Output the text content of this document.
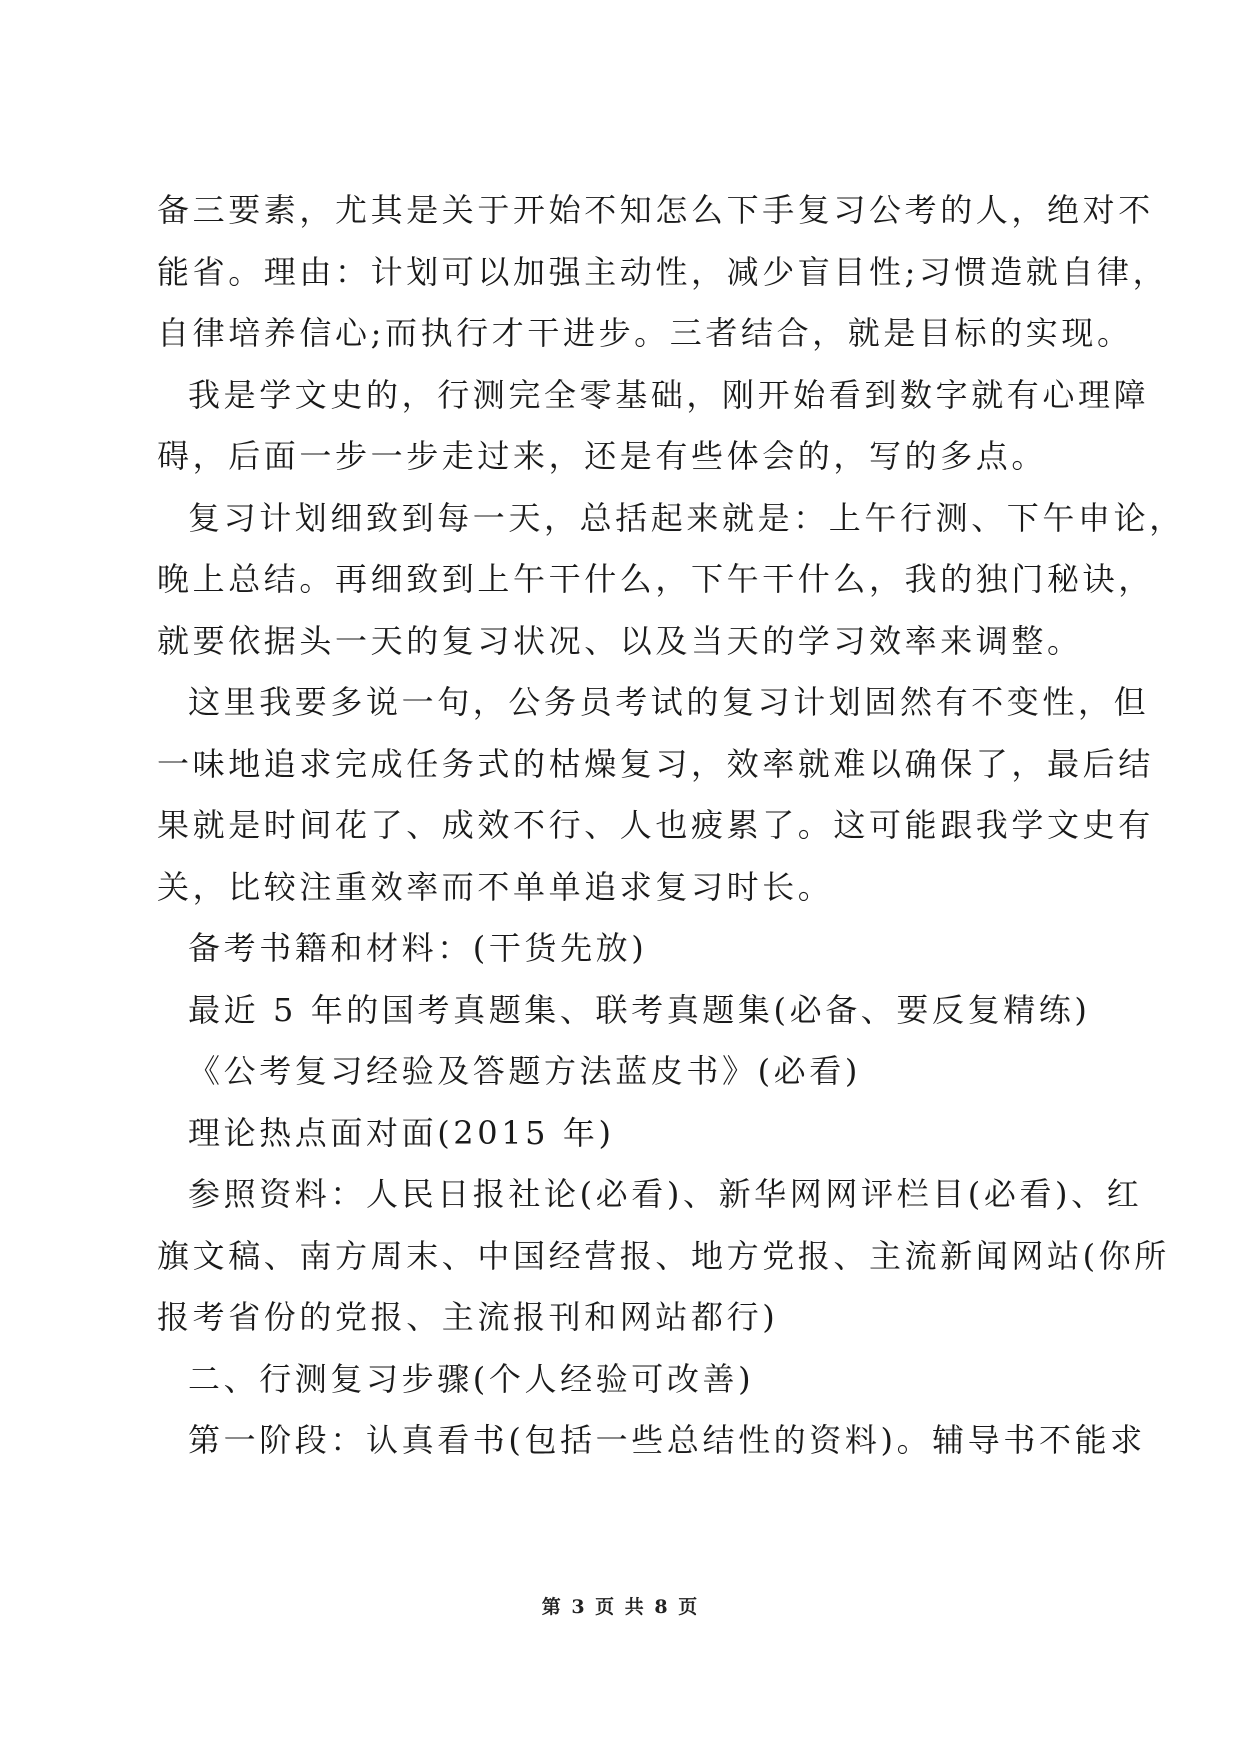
备三要素，尤其是关于开始不知怎么下手复习公考的人，绝对不
能省。理由：计划可以加强主动性，减少盲目性;习惯造就自律，
自律培养信心;而执行才干进步。三者结合，就是目标的实现。
我是学文史的，行测完全零基础，刚开始看到数字就有心理障
碍，后面一步一步走过来，还是有些体会的，写的多点。
复习计划细致到每一天，总括起来就是：上午行测、下午申论，
晚上总结。再细致到上午干什么，下午干什么，我的独门秘诀，
就要依据头一天的复习状况、以及当天的学习效率来调整。
这里我要多说一句，公务员考试的复习计划固然有不变性，但
一味地追求完成任务式的枯燥复习，效率就难以确保了，最后结
果就是时间花了、成效不行、人也疲累了。这可能跟我学文史有
关，比较注重效率而不单单追求复习时长。
备考书籍和材料：(干货先放)
最近 5 年的国考真题集、联考真题集(必备、要反复精练)
《公考复习经验及答题方法蓝皮书》(必看)
理论热点面对面(2015 年)
参照资料：人民日报社论(必看)、新华网网评栏目(必看)、红
旗文稿、南方周末、中国经营报、地方党报、主流新闻网站(你所
报考省份的党报、主流报刊和网站都行)
二、行测复习步骤(个人经验可改善)
第一阶段：认真看书(包括一些总结性的资料)。辅导书不能求
第 3 页 共 8 页
